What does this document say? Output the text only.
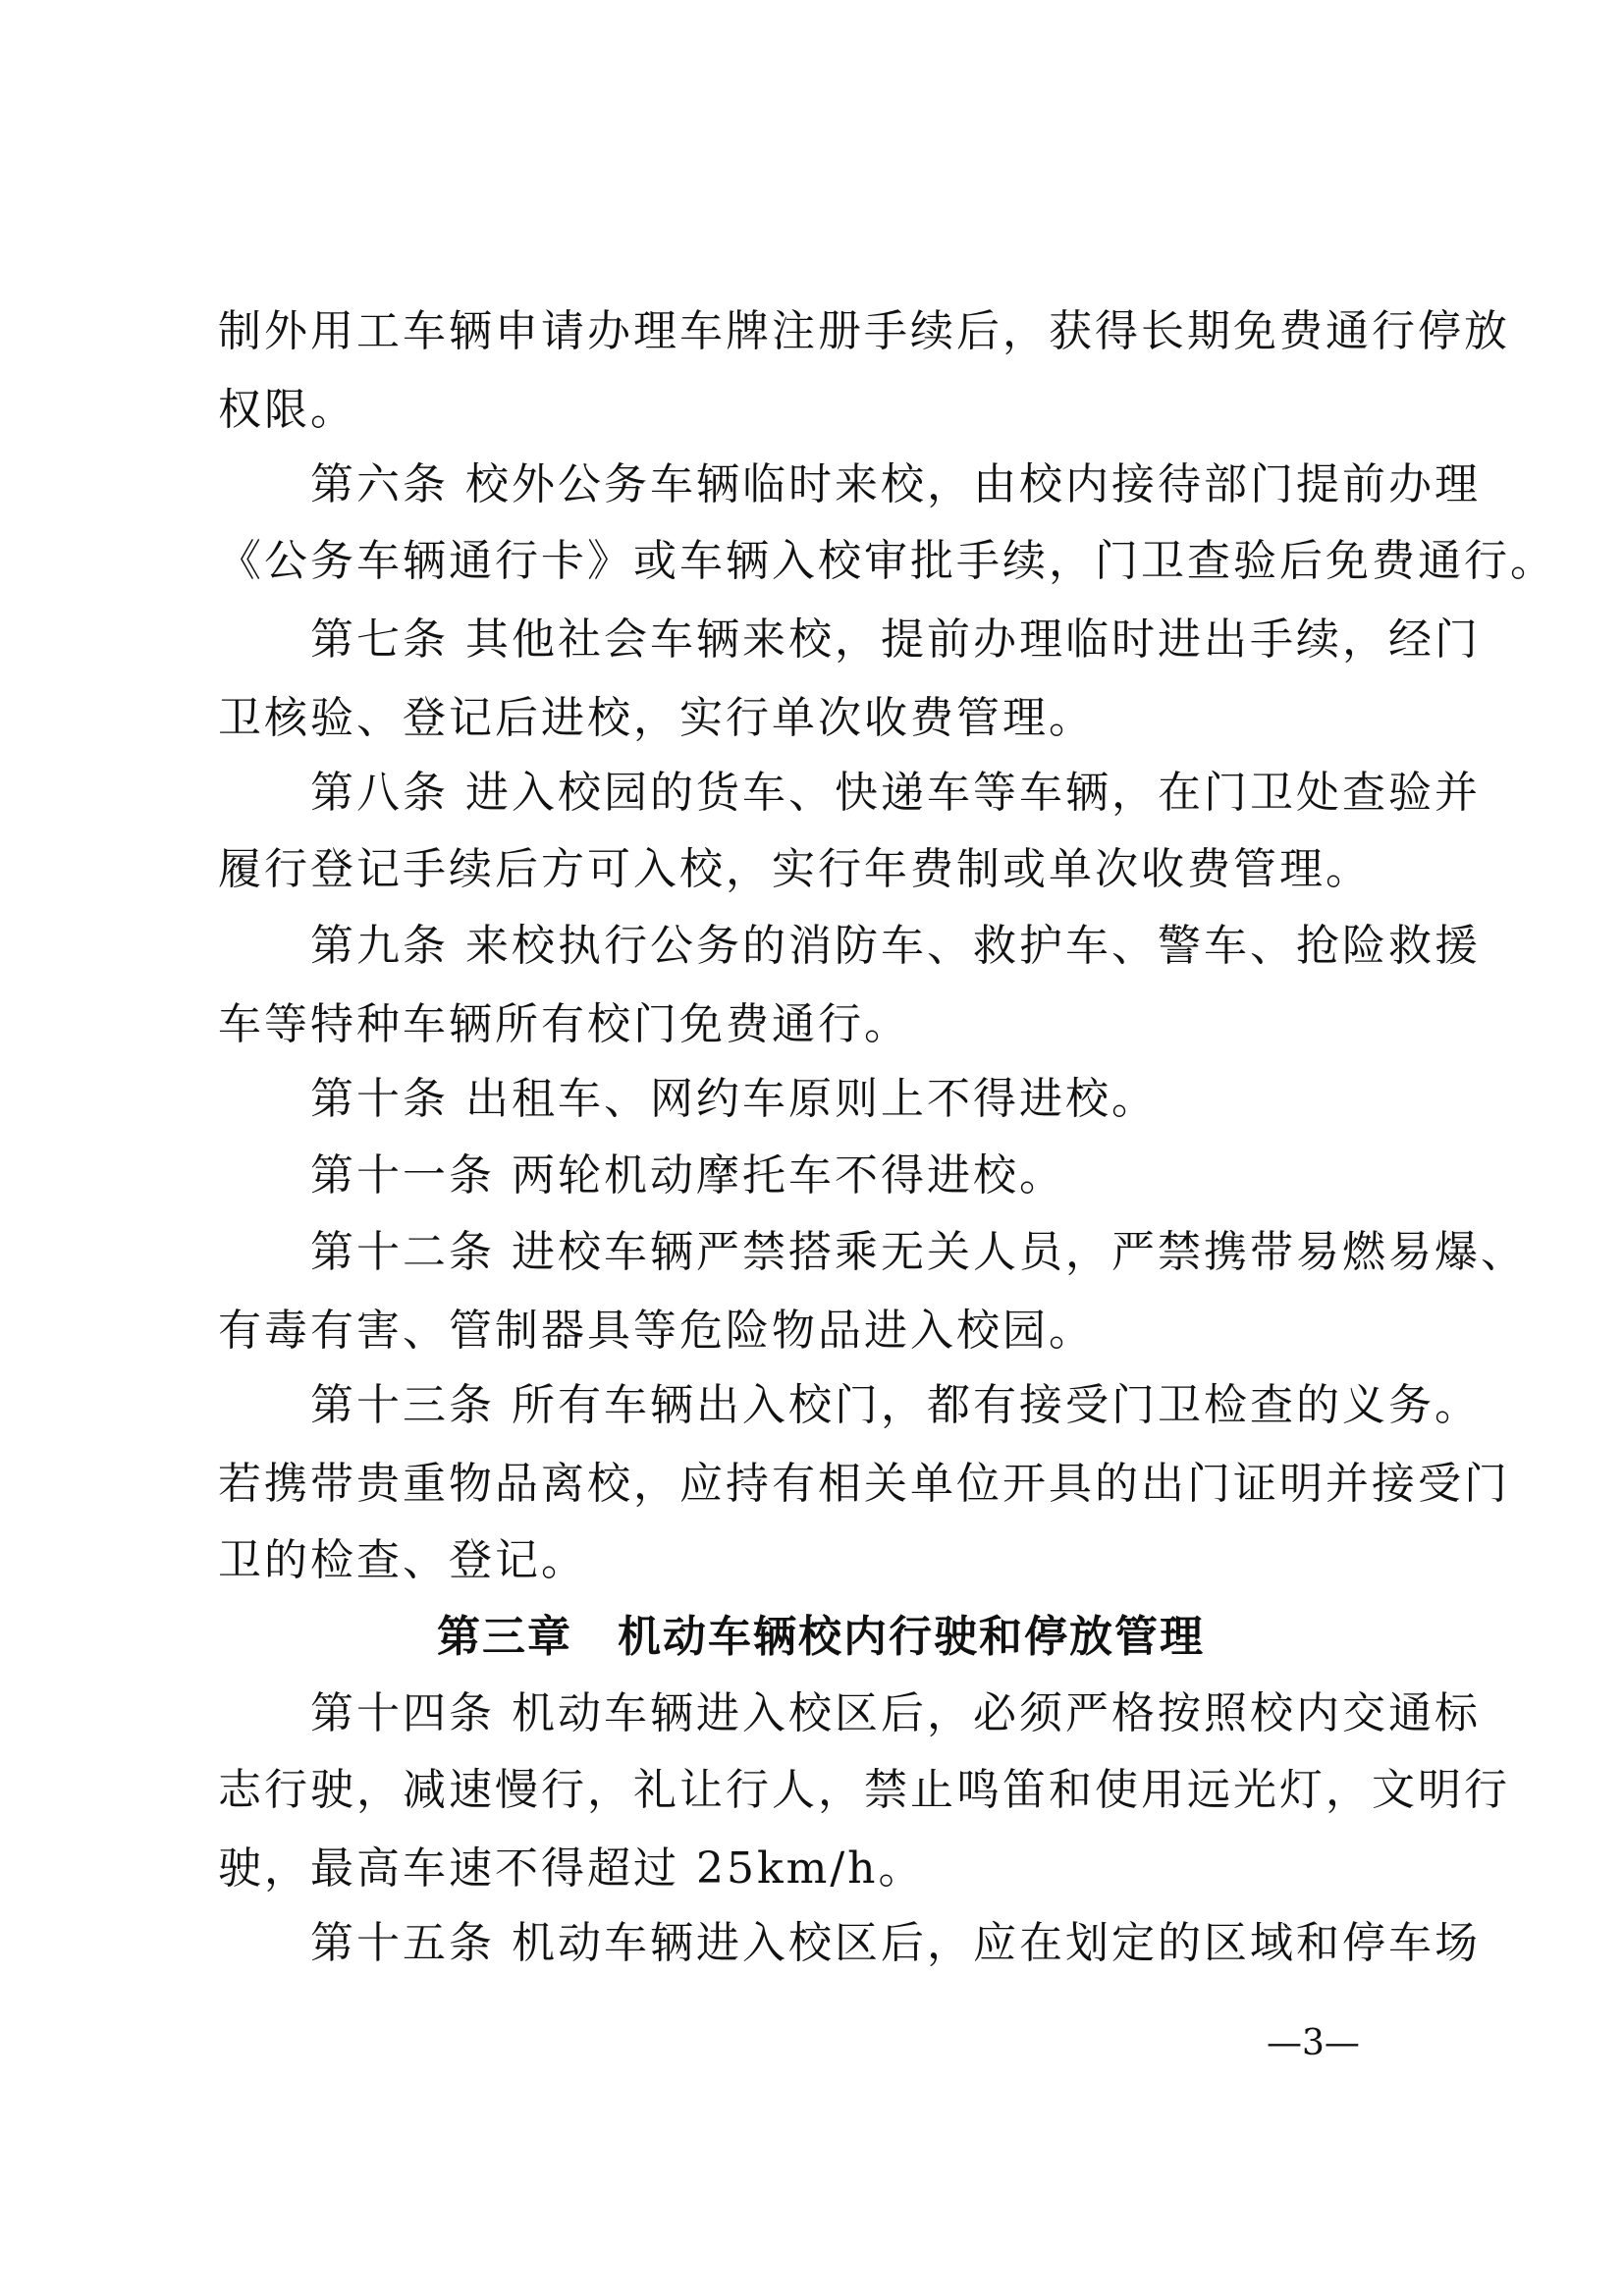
制外用工车辆申请办理车牌注册手续后，获得长期免费通行停放
权限。
　　第六条 校外公务车辆临时来校，由校内接待部门提前办理
《公务车辆通行卡》或车辆入校审批手续，门卫查验后免费通行。
　　第七条 其他社会车辆来校，提前办理临时进出手续，经门
卫核验、登记后进校，实行单次收费管理。
　　第八条 进入校园的货车、快递车等车辆，在门卫处查验并
履行登记手续后方可入校，实行年费制或单次收费管理。
　　第九条 来校执行公务的消防车、救护车、警车、抢险救援
车等特种车辆所有校门免费通行。
　　第十条 出租车、网约车原则上不得进校。
　　第十一条 两轮机动摩托车不得进校。
　　第十二条 进校车辆严禁搭乘无关人员，严禁携带易燃易爆、
有毒有害、管制器具等危险物品进入校园。
　　第十三条 所有车辆出入校门，都有接受门卫检查的义务。
若携带贵重物品离校，应持有相关单位开具的出门证明并接受门
卫的检查、登记。
第三章　机动车辆校内行驶和停放管理
　　第十四条 机动车辆进入校区后，必须严格按照校内交通标
志行驶，减速慢行，礼让行人，禁止鸣笛和使用远光灯，文明行
驶，最高车速不得超过 25km/h。
　　第十五条 机动车辆进入校区后，应在划定的区域和停车场
—3—
